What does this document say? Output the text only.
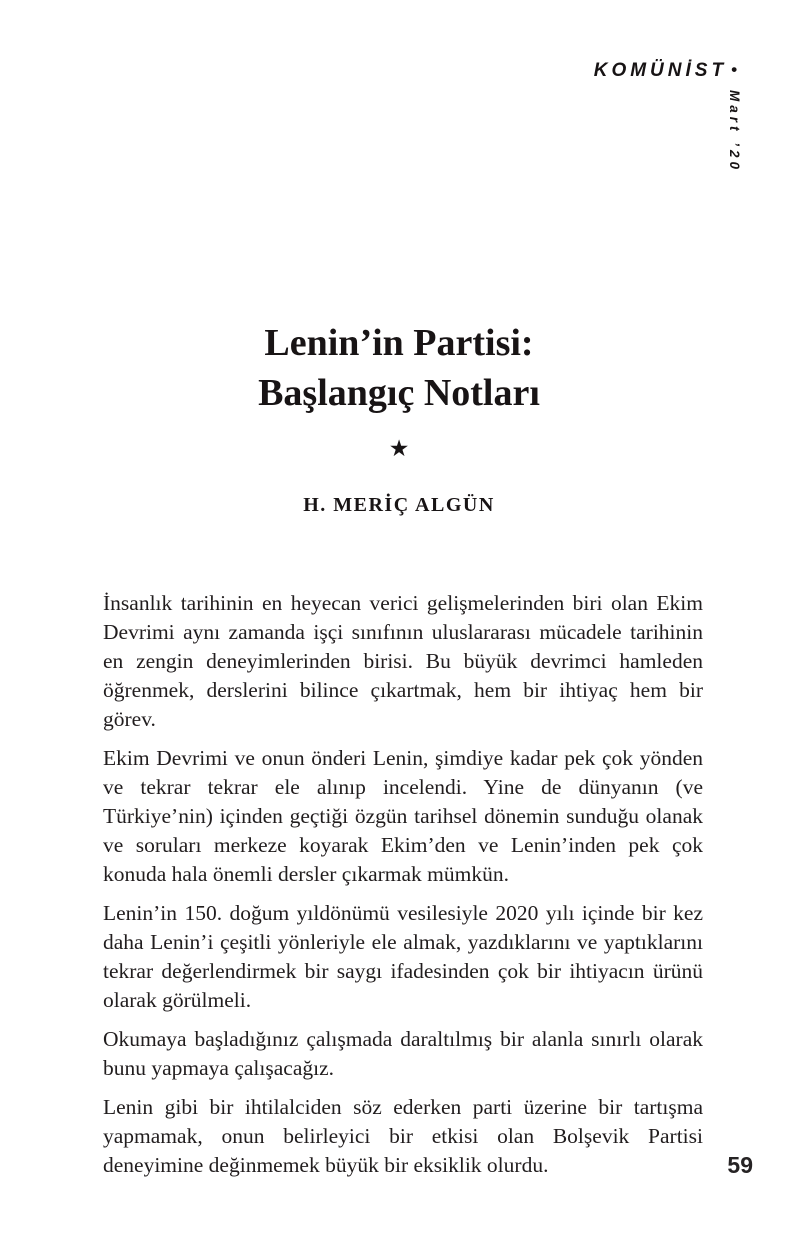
KOMÜNİST •
Mart ’20
Lenin’in Partisi:
Başlangıç Notları
★
H. MERİÇ ALGÜN

İnsanlık tarihinin en heyecan verici gelişmelerinden biri olan Ekim Devrimi aynı zamanda işçi sınıfının uluslararası mücadele tarihinin en zengin deneyimlerinden birisi. Bu büyük devrimci hamleden öğrenmek, derslerini bilince çıkartmak, hem bir ihtiyaç hem bir görev.

Ekim Devrimi ve onun önderi Lenin, şimdiye kadar pek çok yönden ve tekrar tekrar ele alınıp incelendi. Yine de dünyanın (ve Türkiye’nin) içinden geçtiği özgün tarihsel dönemin sunduğu olanak ve soruları merkeze koyarak Ekim’den ve Lenin’inden pek çok konuda hala önemli dersler çıkarmak mümkün.

Lenin’in 150. doğum yıldönümü vesilesiyle 2020 yılı içinde bir kez daha Lenin’i çeşitli yönleriyle ele almak, yazdıklarını ve yaptıklarını tekrar değerlendirmek bir saygı ifadesinden çok bir ihtiyacın ürünü olarak görülmeli.

Okumaya başladığınız çalışmada daraltılmış bir alanla sınırlı olarak bunu yapmaya çalışacağız.

Lenin gibi bir ihtilalciden söz ederken parti üzerine bir tartışma yapmamak, onun belirleyici bir etkisi olan Bolşevik Partisi deneyimine değinmemek büyük bir eksiklik olurdu.	59
